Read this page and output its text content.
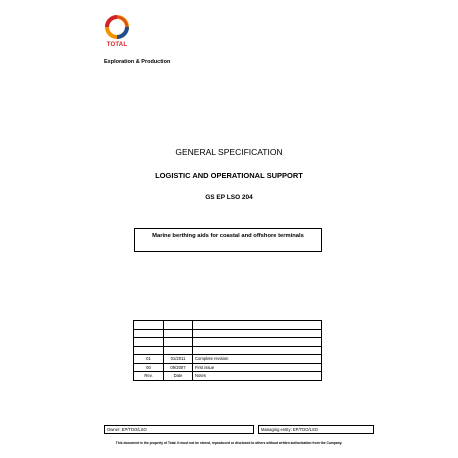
TOTAL
Exploration & Production
GENERAL SPECIFICATION
LOGISTIC AND OPERATIONAL SUPPORT
GS EP LSO 204
Marine berthing aids for coastal and offshore terminals

01	01/2011	Complete revision
00	09/2007	First issue
Rev.	Date	Notes
Owner: EP/TDO/LSO	Managing entity: EP/TDO/LSO
This document is the property of Total. It must not be stored, reproduced or disclosed to others without written authorisation from the Company.
